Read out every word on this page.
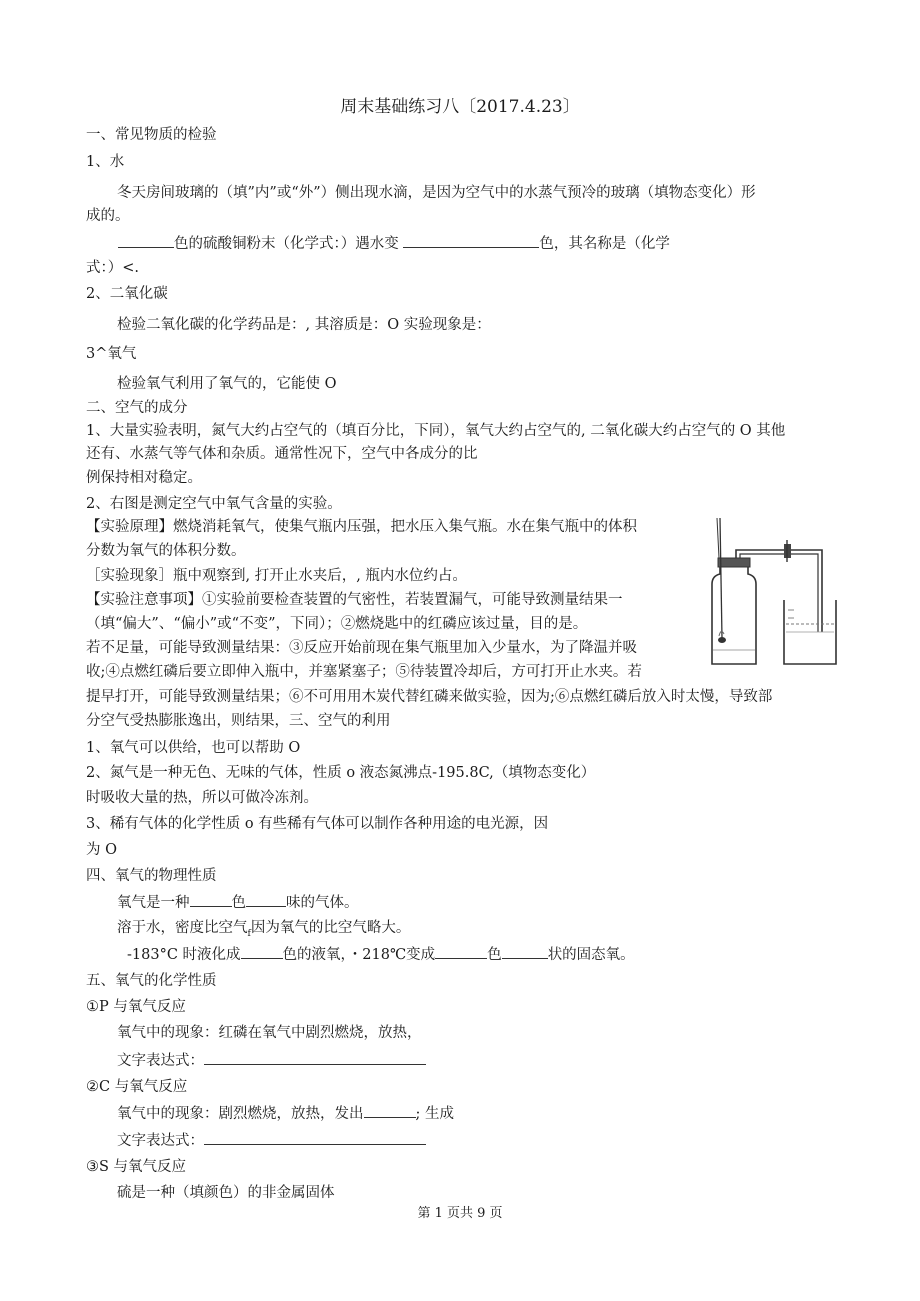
周末基础练习八〔2017.4.23〕
一、常见物质的检验
1、水
冬天房间玻璃的（填”内”或“外”）侧出现水滴，是因为空气中的水蒸气预冷的玻璃（填物态变化）形
成的。
色的硫酸铜粉末（化学式：）遇水变	色，其名称是（化学
式：）<.
2、二氧化碳
检验二氧化碳的化学药品是：, 其溶质是：O 实验现象是：
3^氧气
检验氧气利用了氧气的，它能使 O
二、空气的成分
1、大量实验表明，氮气大约占空气的（填百分比，下同），氧气大约占空气的, 二氧化碳大约占空气的 O 其他
还有、水蒸气等气体和杂质。通常性况下，空气中各成分的比
例保持相对稳定。
2、右图是测定空气中氧气含量的实验。
【实验原理】燃烧消耗氧气，使集气瓶内压强，把水压入集气瓶。水在集气瓶中的体积
分数为氧气的体积分数。
［实验现象］瓶中观察到, 打开止水夹后，, 瓶内水位约占。
【实验注意事项】①实验前要检查装置的气密性，若装置漏气，可能导致测量结果一
（填“偏大”、“偏小”或“不变”，下同）；②燃烧匙中的红磷应该过量，目的是。
若不足量，可能导致测量结果：③反应开始前现在集气瓶里加入少量水，为了降温并吸
收;④点燃红磷后要立即伸入瓶中，并塞紧塞子；⑤待装置冷却后，方可打开止水夹。若
提早打开，可能导致测量结果；⑥不可用用木炭代替红磷来做实验，因为;⑥点燃红磷后放入时太慢，导致部
分空气受热膨胀逸出，则结果，三、空气的利用
1、氧气可以供给，也可以帮助 O
2、氮气是一种无色、无味的气体，性质 o 液态氮沸点-195.8C,（填物态变化）
时吸收大量的热，所以可做冷冻剂。
3、稀有气体的化学性质 o 有些稀有气体可以制作各种用途的电光源，因
为 O
四、氧气的物理性质
氧气是一种	色	味的气体。
溶于水，密度比空气$_f$因为氧气的比空气略大。
-183°C 时液化成	色的液氧，・218℃变成	色	状的固态氧。
五、氧气的化学性质
①P 与氧气反应
氧气中的现象：红磷在氧气中剧烈燃烧，放热，
文字表达式：
②C 与氧气反应
氧气中的现象：剧烈燃烧，放热，发出	; 生成
文字表达式：
③S 与氧气反应
硫是一种（填颜色）的非金属固体
第 1 页共 9 页
